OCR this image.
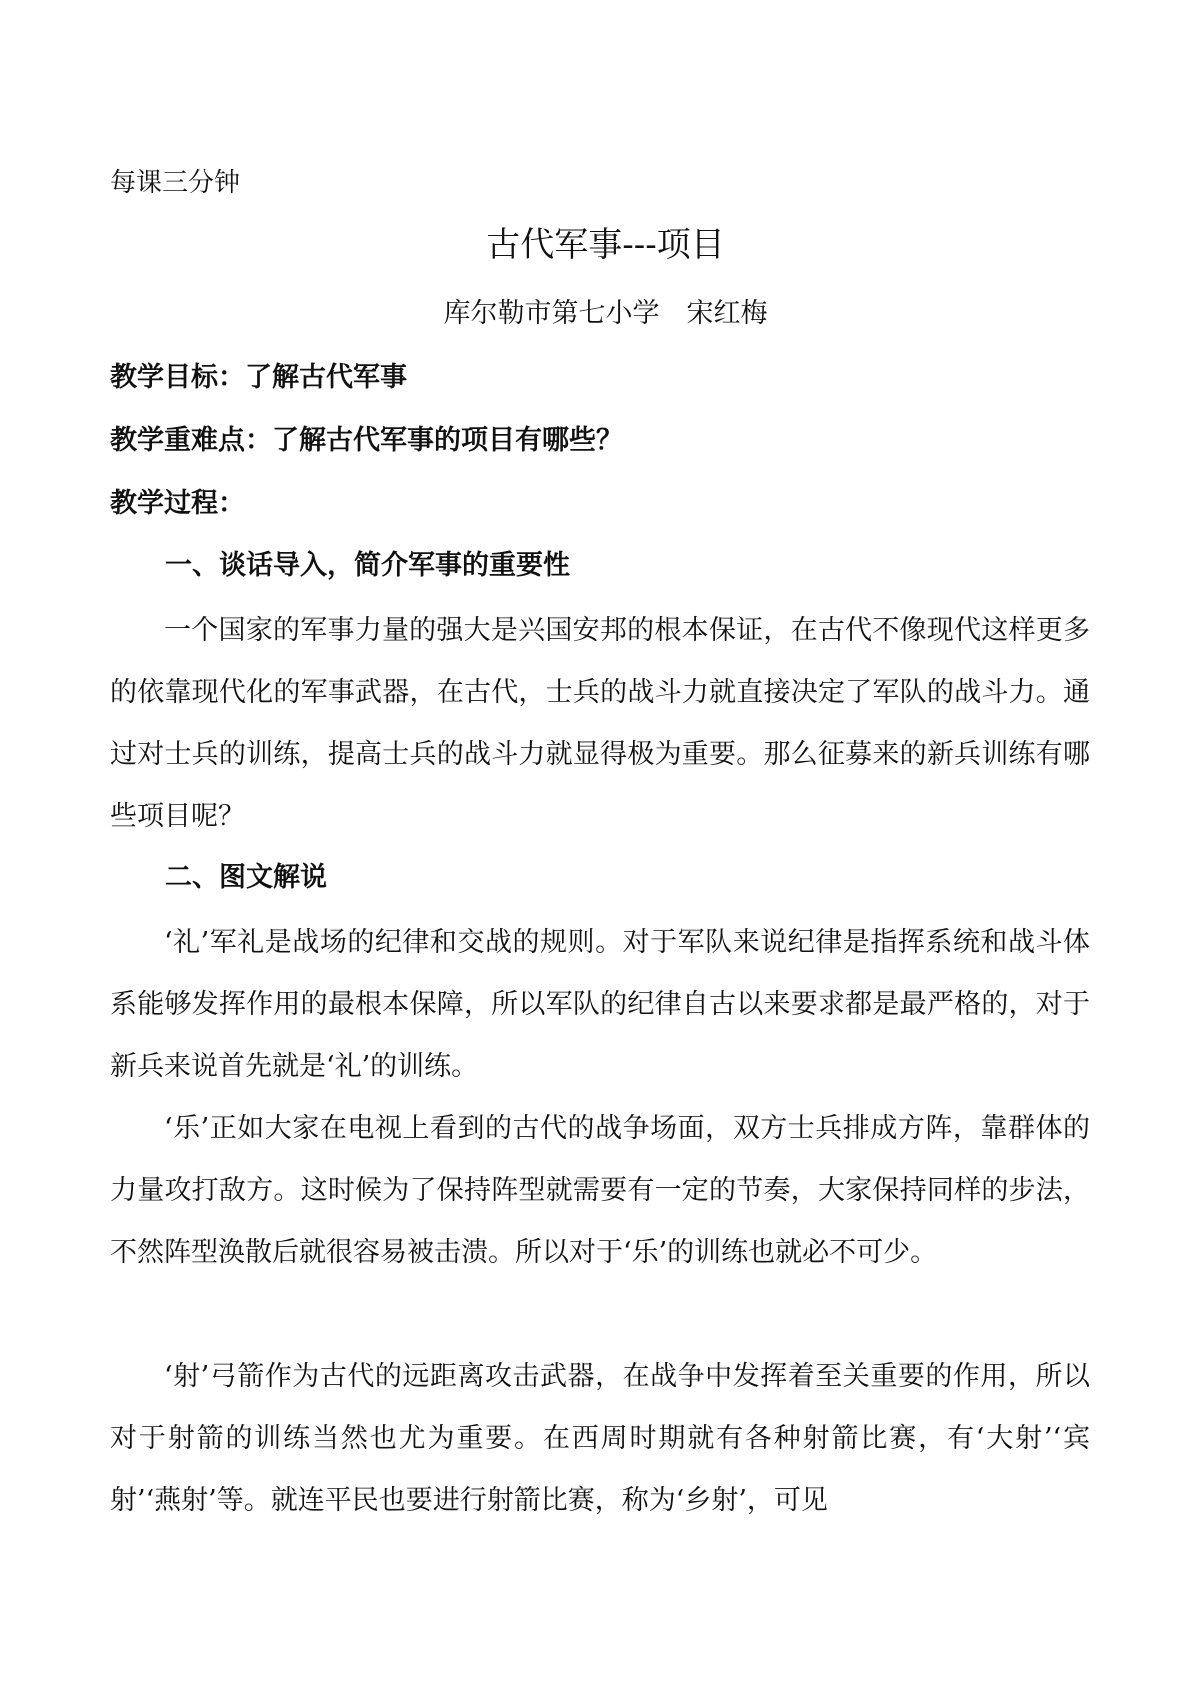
每课三分钟
古代军事---项目
库尔勒市第七小学　宋红梅
教学目标：了解古代军事
教学重难点：了解古代军事的项目有哪些？
教学过程：
一、谈话导入，简介军事的重要性

一个国家的军事力量的强大是兴国安邦的根本保证，在古代不像现代这样更多的依靠现代化的军事武器，在古代，士兵的战斗力就直接决定了军队的战斗力。通过对士兵的训练，提高士兵的战斗力就显得极为重要。那么征募来的新兵训练有哪些项目呢？

二、图文解说

‘礼’军礼是战场的纪律和交战的规则。对于军队来说纪律是指挥系统和战斗体系能够发挥作用的最根本保障，所以军队的纪律自古以来要求都是最严格的，对于新兵来说首先就是‘礼’的训练。

‘乐’正如大家在电视上看到的古代的战争场面，双方士兵排成方阵，靠群体的力量攻打敌方。这时候为了保持阵型就需要有一定的节奏，大家保持同样的步法，不然阵型涣散后就很容易被击溃。所以对于‘乐’的训练也就必不可少。

‘射’弓箭作为古代的远距离攻击武器，在战争中发挥着至关重要的作用，所以对于射箭的训练当然也尤为重要。在西周时期就有各种射箭比赛，有‘大射’‘宾射’‘燕射’等。就连平民也要进行射箭比赛，称为‘乡射’，可见
